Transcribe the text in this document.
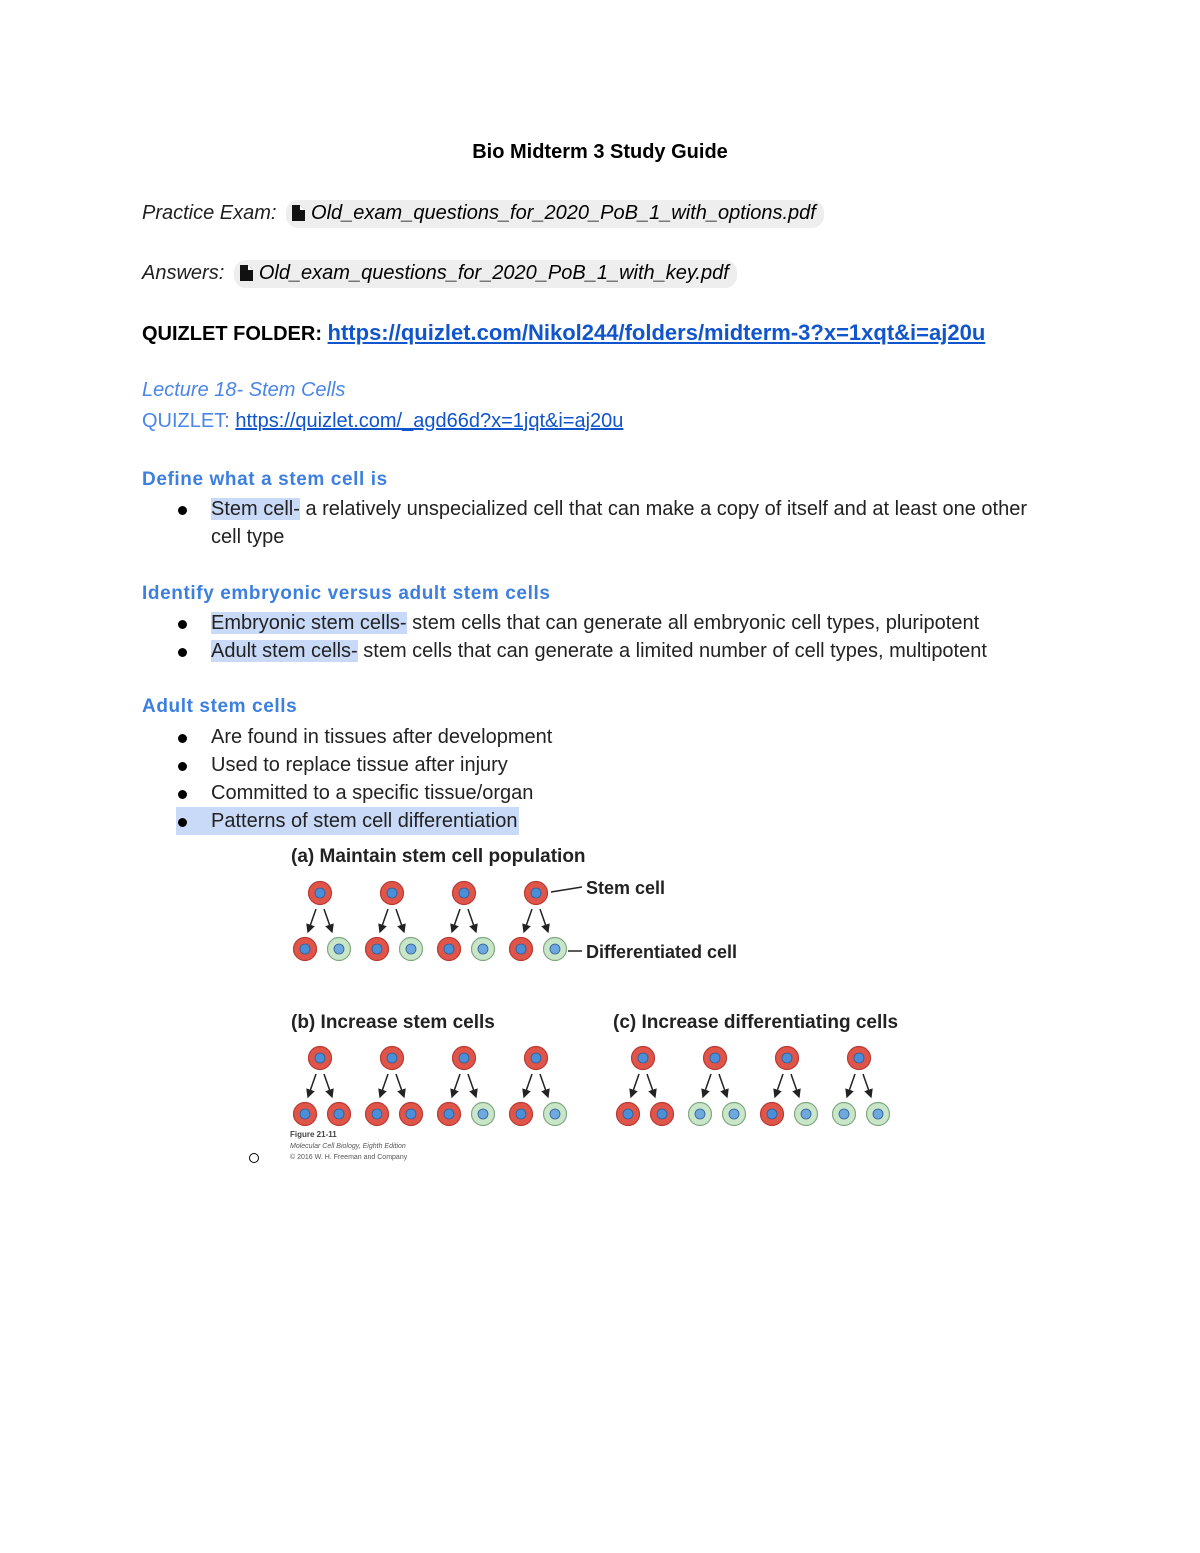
Bio Midterm 3 Study Guide
Practice Exam: Old_exam_questions_for_2020_PoB_1_with_options.pdf
Answers: Old_exam_questions_for_2020_PoB_1_with_key.pdf
QUIZLET FOLDER: https://quizlet.com/Nikol244/folders/midterm-3?x=1xqt&i=aj20u
Lecture 18- Stem Cells
QUIZLET: https://quizlet.com/_agd66d?x=1jqt&i=aj20u
Define what a stem cell is
Stem cell- a relatively unspecialized cell that can make a copy of itself and at least one other cell type
Identify embryonic versus adult stem cells
Embryonic stem cells- stem cells that can generate all embryonic cell types, pluripotent
Adult stem cells- stem cells that can generate a limited number of cell types, multipotent
Adult stem cells
Are found in tissues after development
Used to replace tissue after injury
Committed to a specific tissue/organ
Patterns of stem cell differentiation
(a) Maintain stem cell population
(b) Increase stem cells	(c) Increase differentiating cells
Stem cell
Differentiated cell
Figure 21-11
Molecular Cell Biology, Eighth Edition
© 2016 W. H. Freeman and Company
